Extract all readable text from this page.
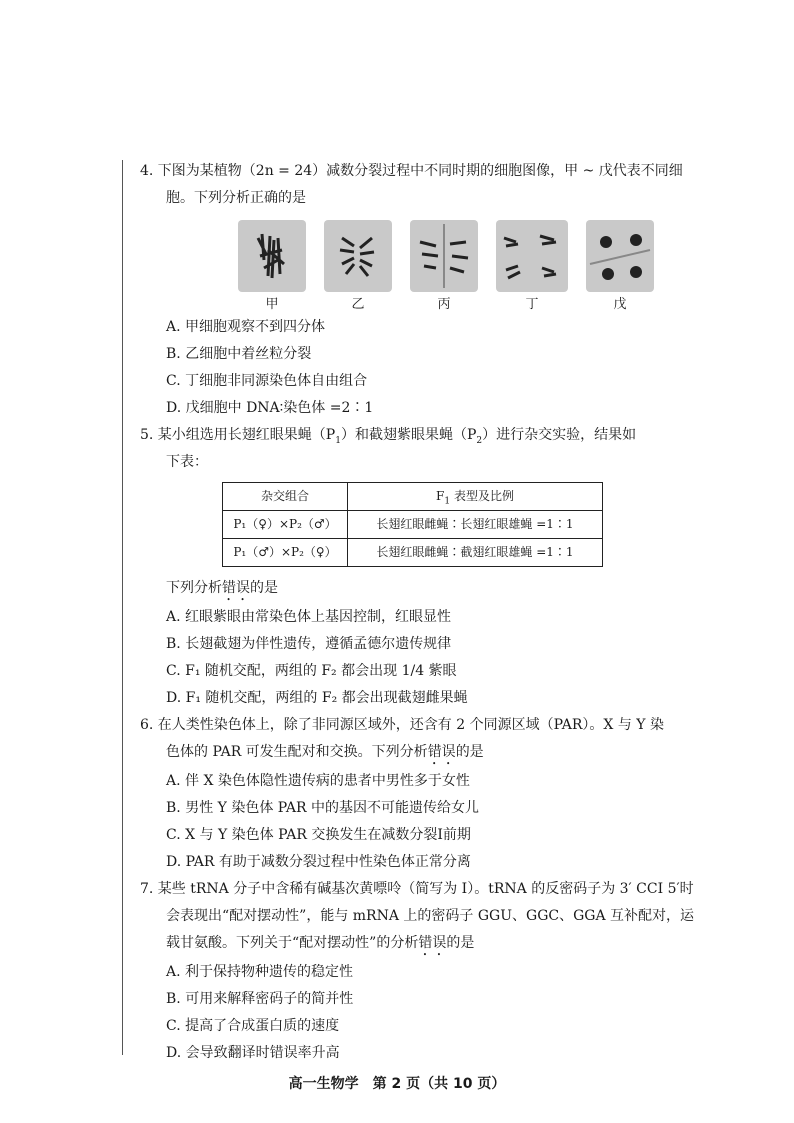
4. 下图为某植物（2n = 24）减数分裂过程中不同时期的细胞图像，甲 ~ 戊代表不同细

胞。下列分析正确的是

甲	乙	丙	丁	戊

A. 甲细胞观察不到四分体

B. 乙细胞中着丝粒分裂

C. 丁细胞非同源染色体自由组合

D. 戊细胞中 DNA∶染色体 =2∶1

5. 某小组选用长翅红眼果蝇$(P_1)$和截翅紫眼果蝇$(P_2)$进行杂交实验，结果如

下表：

杂交组合	$F_1$ 表型及比例
P₁（♀）×P₂（♂）	长翅红眼雌蝇∶长翅红眼雄蝇 =1∶1
P₁（♂）×P₂（♀）	长翅红眼雌蝇∶截翅红眼雄蝇 =1∶1

下列分析错误的是

A. 红眼紫眼由常染色体上基因控制，红眼显性

B. 长翅截翅为伴性遗传，遵循孟德尔遗传规律

C. F₁ 随机交配，两组的 F₂ 都会出现 1/4 紫眼

D. F₁ 随机交配，两组的 F₂ 都会出现截翅雌果蝇

6. 在人类性染色体上，除了非同源区域外，还含有 2 个同源区域（PAR）。X 与 Y 染

色体的 PAR 可发生配对和交换。下列分析错误的是

A. 伴 X 染色体隐性遗传病的患者中男性多于女性

B. 男性 Y 染色体 PAR 中的基因不可能遗传给女儿

C. X 与 Y 染色体 PAR 交换发生在减数分裂Ⅰ前期

D. PAR 有助于减数分裂过程中性染色体正常分离

7. 某些 tRNA 分子中含稀有碱基次黄嘌呤（简写为 I）。tRNA 的反密码子为 3′ CCI 5′时

会表现出“配对摆动性”，能与 mRNA 上的密码子 GGU、GGC、GGA 互补配对，运

载甘氨酸。下列关于“配对摆动性”的分析错误的是

A. 利于保持物种遗传的稳定性

B. 可用来解释密码子的简并性

C. 提高了合成蛋白质的速度

D. 会导致翻译时错误率升高

高一生物学　第 2 页（共 10 页）
